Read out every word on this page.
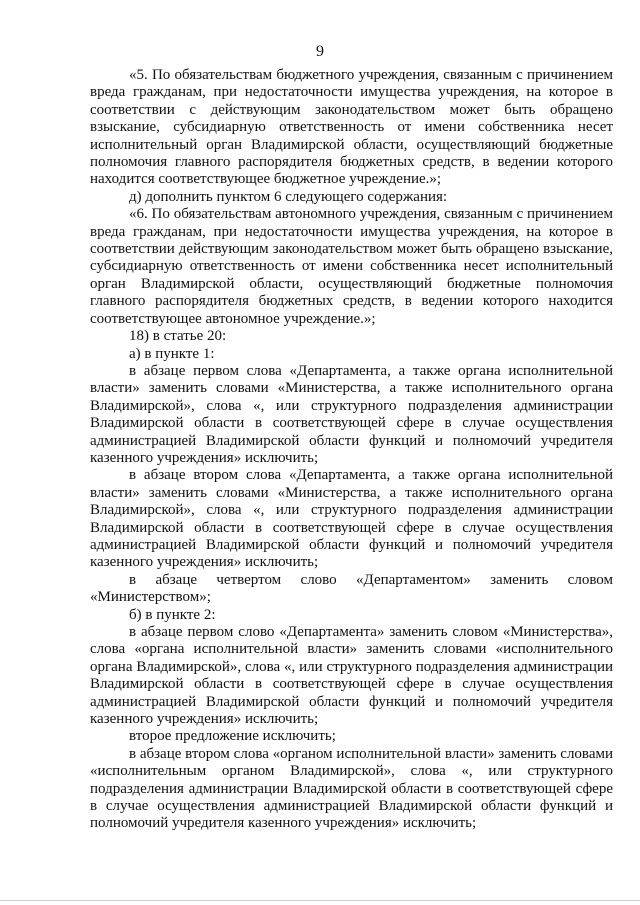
9

«5. По обязательствам бюджетного учреждения, связанным с причинением вреда гражданам, при недостаточности имущества учреждения, на которое в соответствии с действующим законодательством может быть обращено взыскание, субсидиарную ответственность от имени собственника несет исполнительный орган Владимирской области, осуществляющий бюджетные полномочия главного распорядителя бюджетных средств, в ведении которого находится соответствующее бюджетное учреждение.»;

д) дополнить пунктом 6 следующего содержания:

«6. По обязательствам автономного учреждения, связанным с причинением вреда гражданам, при недостаточности имущества учреждения, на которое в соответствии действующим законодательством может быть обращено взыскание, субсидиарную ответственность от имени собственника несет исполнительный орган Владимирской области, осуществляющий бюджетные полномочия главного распорядителя бюджетных средств, в ведении которого находится соответствующее автономное учреждение.»;

18) в статье 20:

а) в пункте 1:

в абзаце первом слова «Департамента, а также органа исполнительной власти» заменить словами «Министерства, а также исполнительного органа Владимирской», слова «, или структурного подразделения администрации Владимирской области в соответствующей сфере в случае осуществления администрацией Владимирской области функций и полномочий учредителя казенного учреждения» исключить;

в абзаце втором слова «Департамента, а также органа исполнительной власти» заменить словами «Министерства, а также исполнительного органа Владимирской», слова «, или структурного подразделения администрации Владимирской области в соответствующей сфере в случае осуществления администрацией Владимирской области функций и полномочий учредителя казенного учреждения» исключить;

в абзаце четвертом слово «Департаментом» заменить словом «Министерством»;

б) в пункте 2:

в абзаце первом слово «Департамента» заменить словом «Министерства», слова «органа исполнительной власти» заменить словами «исполнительного органа Владимирской», слова «, или структурного подразделения администрации Владимирской области в соответствующей сфере в случае осуществления администрацией Владимирской области функций и полномочий учредителя казенного учреждения» исключить;

второе предложение исключить;

в абзаце втором слова «органом исполнительной власти» заменить словами «исполнительным органом Владимирской», слова «, или структурного подразделения администрации Владимирской области в соответствующей сфере в случае осуществления администрацией Владимирской области функций и полномочий учредителя казенного учреждения» исключить;
